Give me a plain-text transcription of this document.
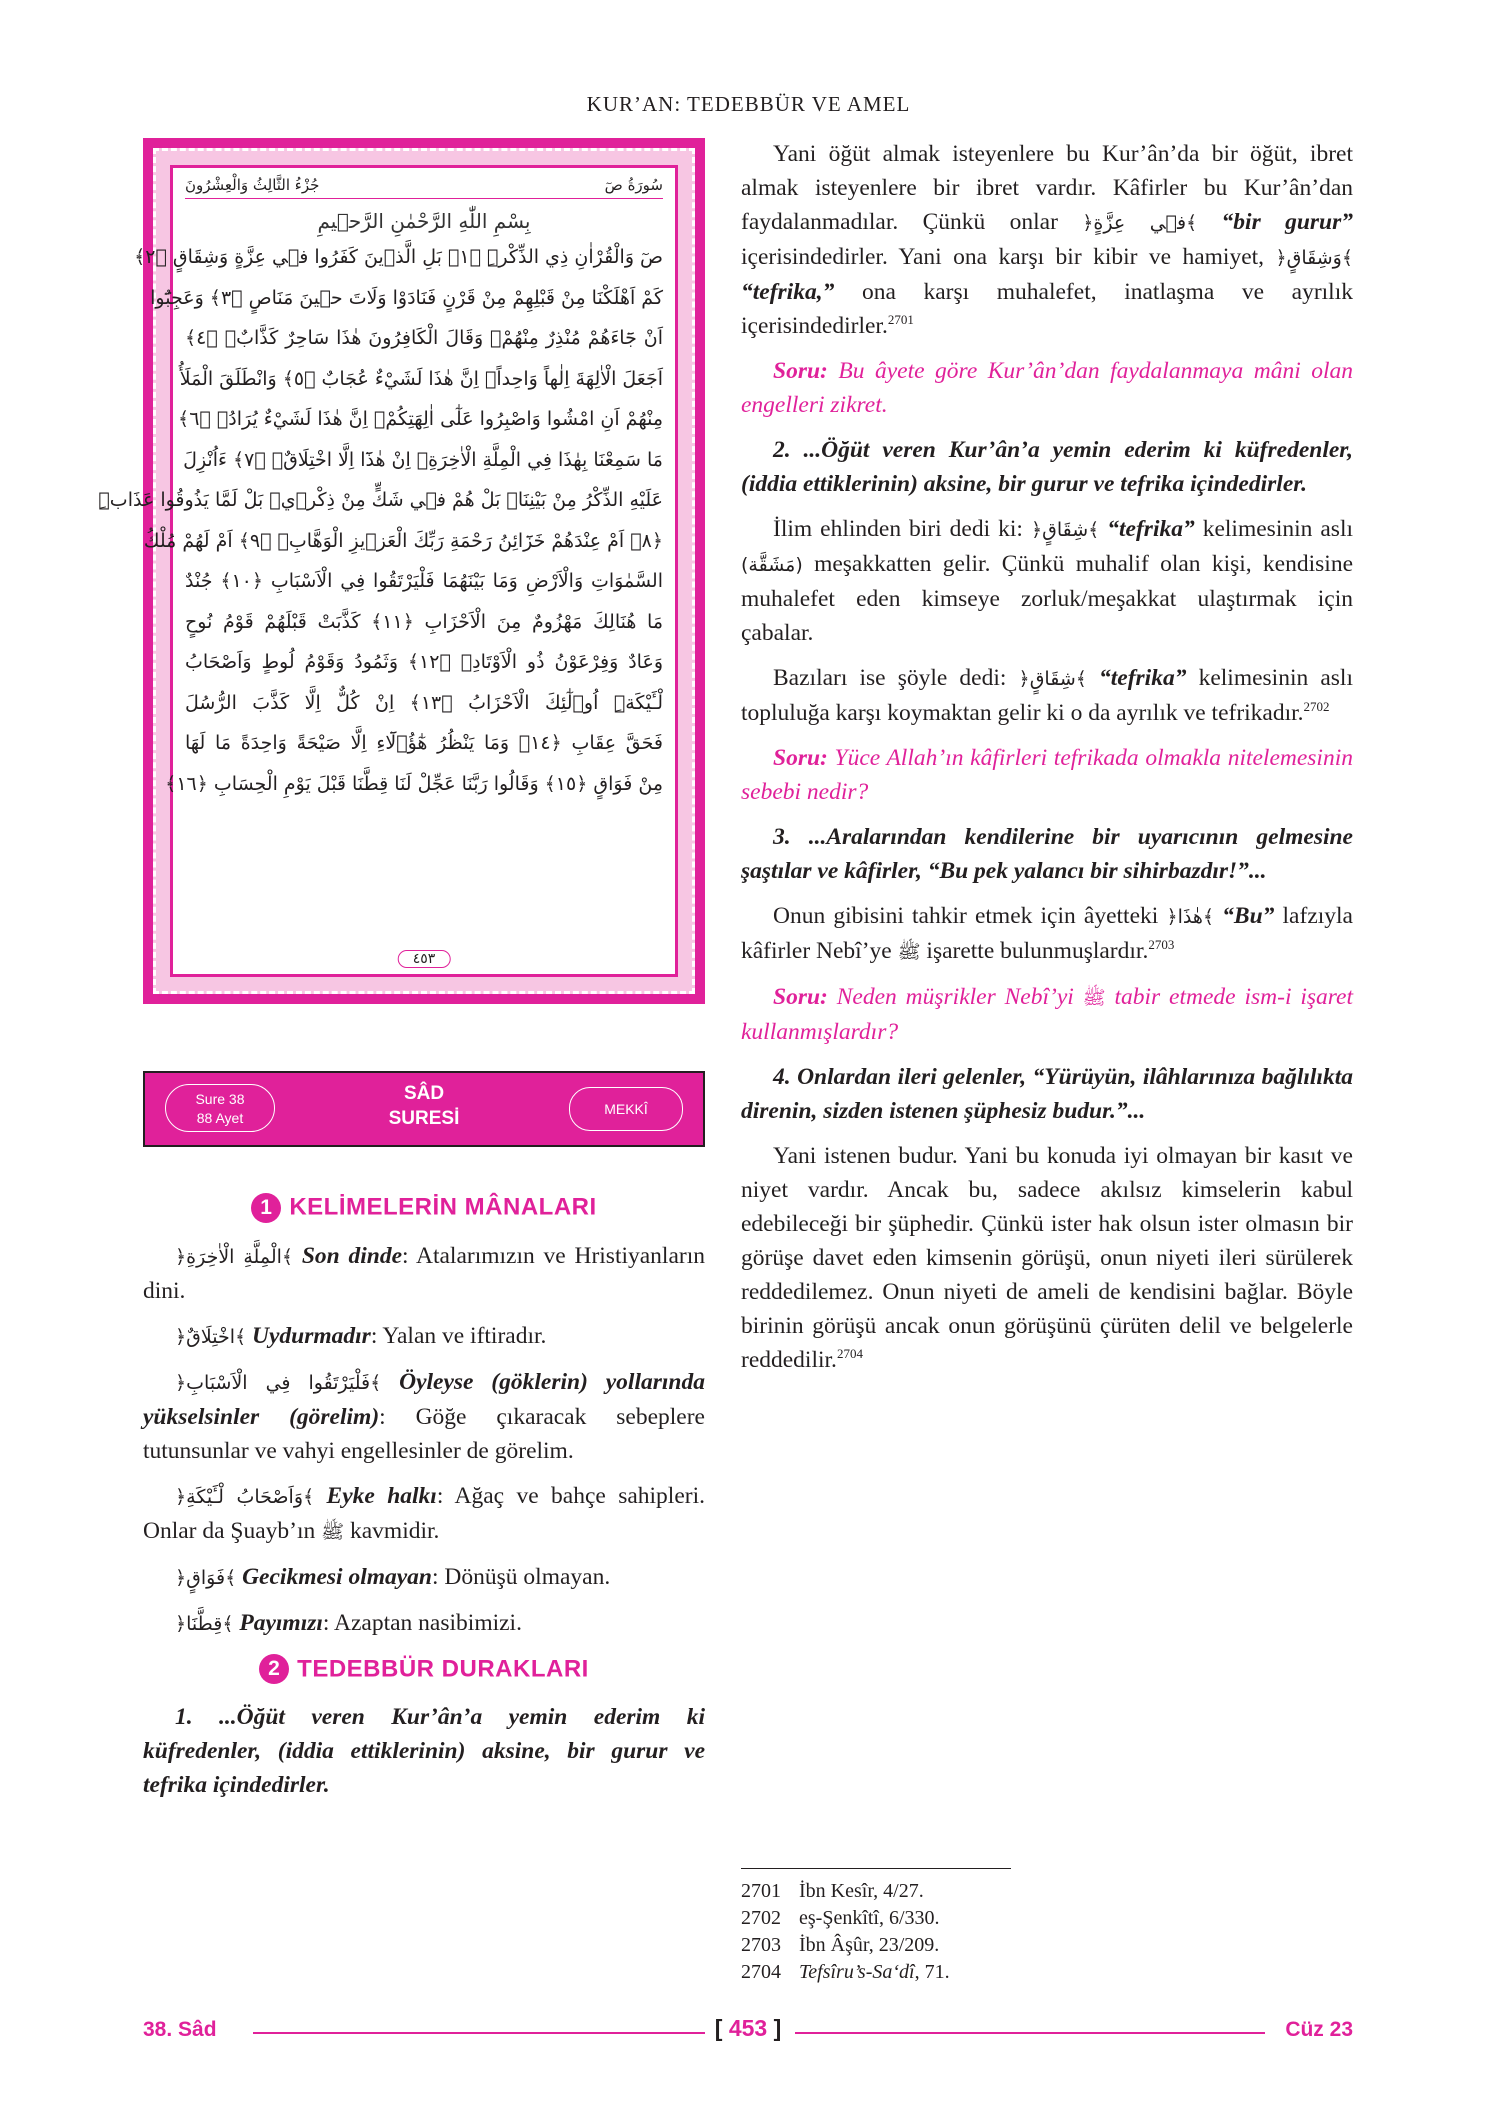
KUR’AN: TEDEBBÜR VE AMEL
سُورَةُ صٓ
جُزْءُ الثَّالِثُ وَالْعِشْرُونَ
بِسْمِ اللّٰهِ الرَّحْمٰنِ الرَّح۪يمِ
صٓ وَالْقُرْاٰنِ ذِي الذِّكْرِۜ ﴿١﴾ بَلِ الَّذ۪ينَ كَفَرُوا ف۪ي عِزَّةٍ وَشِقَاقٍ ﴿٢﴾
كَمْ اَهْلَكْنَا مِنْ قَبْلِهِمْ مِنْ قَرْنٍ فَنَادَوْا وَلَاتَ ح۪ينَ مَنَاصٍ ﴿٣﴾ وَعَجِبُٓوا
اَنْ جَٓاءَهُمْ مُنْذِرٌ مِنْهُمْۘ وَقَالَ الْكَافِرُونَ هٰذَا سَاحِرٌ كَذَّابٌۚ ﴿٤﴾
اَجَعَلَ الْاٰلِهَةَ اِلٰهاً وَاحِداًۚ اِنَّ هٰذَا لَشَيْءٌ عُجَابٌ ﴿٥﴾ وَانْطَلَقَ الْمَلَأُ
مِنْهُمْ اَنِ امْشُوا وَاصْبِرُوا عَلٰٓى اٰلِهَتِكُمْۚ اِنَّ هٰذَا لَشَيْءٌ يُرَادُۚ ﴿٦﴾
مَا سَمِعْنَا بِهٰذَا فِي الْمِلَّةِ الْاٰخِرَةِۚ اِنْ هٰذَٓا اِلَّا اخْتِلَاقٌۚ ﴿٧﴾ ءَاُنْزِلَ
عَلَيْهِ الذِّكْرُ مِنْ بَيْنِنَاۜ بَلْ هُمْ ف۪ي شَكٍّ مِنْ ذِكْر۪يۚ بَلْ لَمَّا يَذُوقُوا عَذَابِۜ
﴿٨﴾ اَمْ عِنْدَهُمْ خَزَٓائِنُ رَحْمَةِ رَبِّكَ الْعَز۪يزِ الْوَهَّابِۚ ﴿٩﴾ اَمْ لَهُمْ مُلْكُ
السَّمٰوَاتِ وَالْاَرْضِ وَمَا بَيْنَهُمَا فَلْيَرْتَقُوا فِي الْاَسْبَابِ ﴿١٠﴾ جُنْدٌ
مَا هُنَالِكَ مَهْزُومٌ مِنَ الْاَحْزَابِ ﴿١١﴾ كَذَّبَتْ قَبْلَهُمْ قَوْمُ نُوحٍ
وَعَادٌ وَفِرْعَوْنُ ذُو الْاَوْتَادِۙ ﴿١٢﴾ وَثَمُودُ وَقَوْمُ لُوطٍ وَاَصْحَابُ
لْـَٔيْكَةِۜ اُو۬لٰٓئِكَ الْاَحْزَابُ ﴿١٣﴾ اِنْ كُلٌّ اِلَّا كَذَّبَ الرُّسُلَ
فَحَقَّ عِقَابِ ﴿١٤﴾ وَمَا يَنْظُرُ هٰٓؤُ۬لَٓاءِ اِلَّا صَيْحَةً وَاحِدَةً مَا لَهَا
مِنْ فَوَاقٍ ﴿١٥﴾ وَقَالُوا رَبَّنَا عَجِّلْ لَنَا قِطَّنَا قَبْلَ يَوْمِ الْحِسَابِ ﴿١٦﴾
٤٥٣
Sure 38
88 Ayet
SÂD
SURESİ	MEKKÎ
1 KELİMELERİN MÂNALARI

﴿الْمِلَّةِ الْاٰخِرَةِ﴾ Son dinde: Atalarımızın ve Hristiyanların dini.

﴿اخْتِلَاقٌ﴾ Uydurmadır: Yalan ve iftiradır.

﴿فَلْيَرْتَقُوا فِي الْاَسْبَابِ﴾ Öyleyse (göklerin) yollarında yükselsinler (görelim): Göğe çıkaracak sebeplere tutunsunlar ve vahyi engellesinler de görelim.

﴿وَاَصْحَابُ لْـَٔيْكَةِ﴾ Eyke halkı: Ağaç ve bahçe sahipleri. Onlar da Şuayb’ın ﷺ kavmidir.

﴿فَوَاقٍ﴾ Gecikmesi olmayan: Dönüşü olmayan.

﴿قِطَّنَا﴾ Payımızı: Azaptan nasibimizi.

2 TEDEBBÜR DURAKLARI

1. ...Öğüt veren Kur’ân’a yemin ederim ki küfredenler, (iddia ettiklerinin) aksine, bir gurur ve tefrika içindedirler.

Yani öğüt almak isteyenlere bu Kur’ân’da bir öğüt, ibret almak isteyenlere bir ibret vardır. Kâfirler bu Kur’ân’dan faydalanmadılar. Çünkü onlar ﴿ف۪ي عِزَّةٍ﴾ “bir gurur” içerisindedirler. Yani ona karşı bir kibir ve hamiyet, ﴿وَشِقَاقٍ﴾ “tefrika,” ona karşı muhalefet, inatlaşma ve ayrılık içerisindedirler.$^{2701}$

Soru: Bu âyete göre Kur’ân’dan faydalanmaya mâni olan engelleri zikret.

2. ...Öğüt veren Kur’ân’a yemin ederim ki küfredenler, (iddia ettiklerinin) aksine, bir gurur ve tefrika içindedirler.

İlim ehlinden biri dedi ki: ﴿شِقَاقٍ﴾ “tefrika” kelimesinin aslı (مَشَقَّة) meşakkatten gelir. Çünkü muhalif olan kişi, kendisine muhalefet eden kimseye zorluk/meşakkat ulaştırmak için çabalar.

Bazıları ise şöyle dedi: ﴿شِقَاقٍ﴾ “tefrika” kelimesinin aslı topluluğa karşı koymaktan gelir ki o da ayrılık ve tefrikadır.$^{2702}$

Soru: Yüce Allah’ın kâfirleri tefrikada olmakla nitelemesinin sebebi nedir?

3. ...Aralarından kendilerine bir uyarıcının gelmesine şaştılar ve kâfirler, “Bu pek yalancı bir sihirbazdır!”...

Onun gibisini tahkir etmek için âyetteki ﴿هٰذَا﴾ “Bu” lafzıyla kâfirler Nebî’ye ﷺ işarette bulunmuşlardır.$^{2703}$

Soru: Neden müşrikler Nebî’yi ﷺ tabir etmede ism-i işaret kullanmışlardır?

4. Onlardan ileri gelenler, “Yürüyün, ilâhlarınıza bağlılıkta direnin, sizden istenen şüphesiz budur.”...

Yani istenen budur. Yani bu konuda iyi olmayan bir kasıt ve niyet vardır. Ancak bu, sadece akılsız kimselerin kabul edebileceği bir şüphedir. Çünkü ister hak olsun ister olmasın bir görüşe davet eden kimsenin görüşü, onun niyeti ileri sürülerek reddedilemez. Onun niyeti de ameli de kendisini bağlar. Böyle birinin görüşü ancak onun görüşünü çürüten delil ve belgelerle reddedilir.$^{2704}$

2701 İbn Kesîr, 4/27.
2702 eş-Şenkîtî, 6/330.
2703 İbn Âşûr, 23/209.
2704 Tefsîru’s-Sa‘dî, 71.
38. Sâd	[ 453 ]	Cüz 23
